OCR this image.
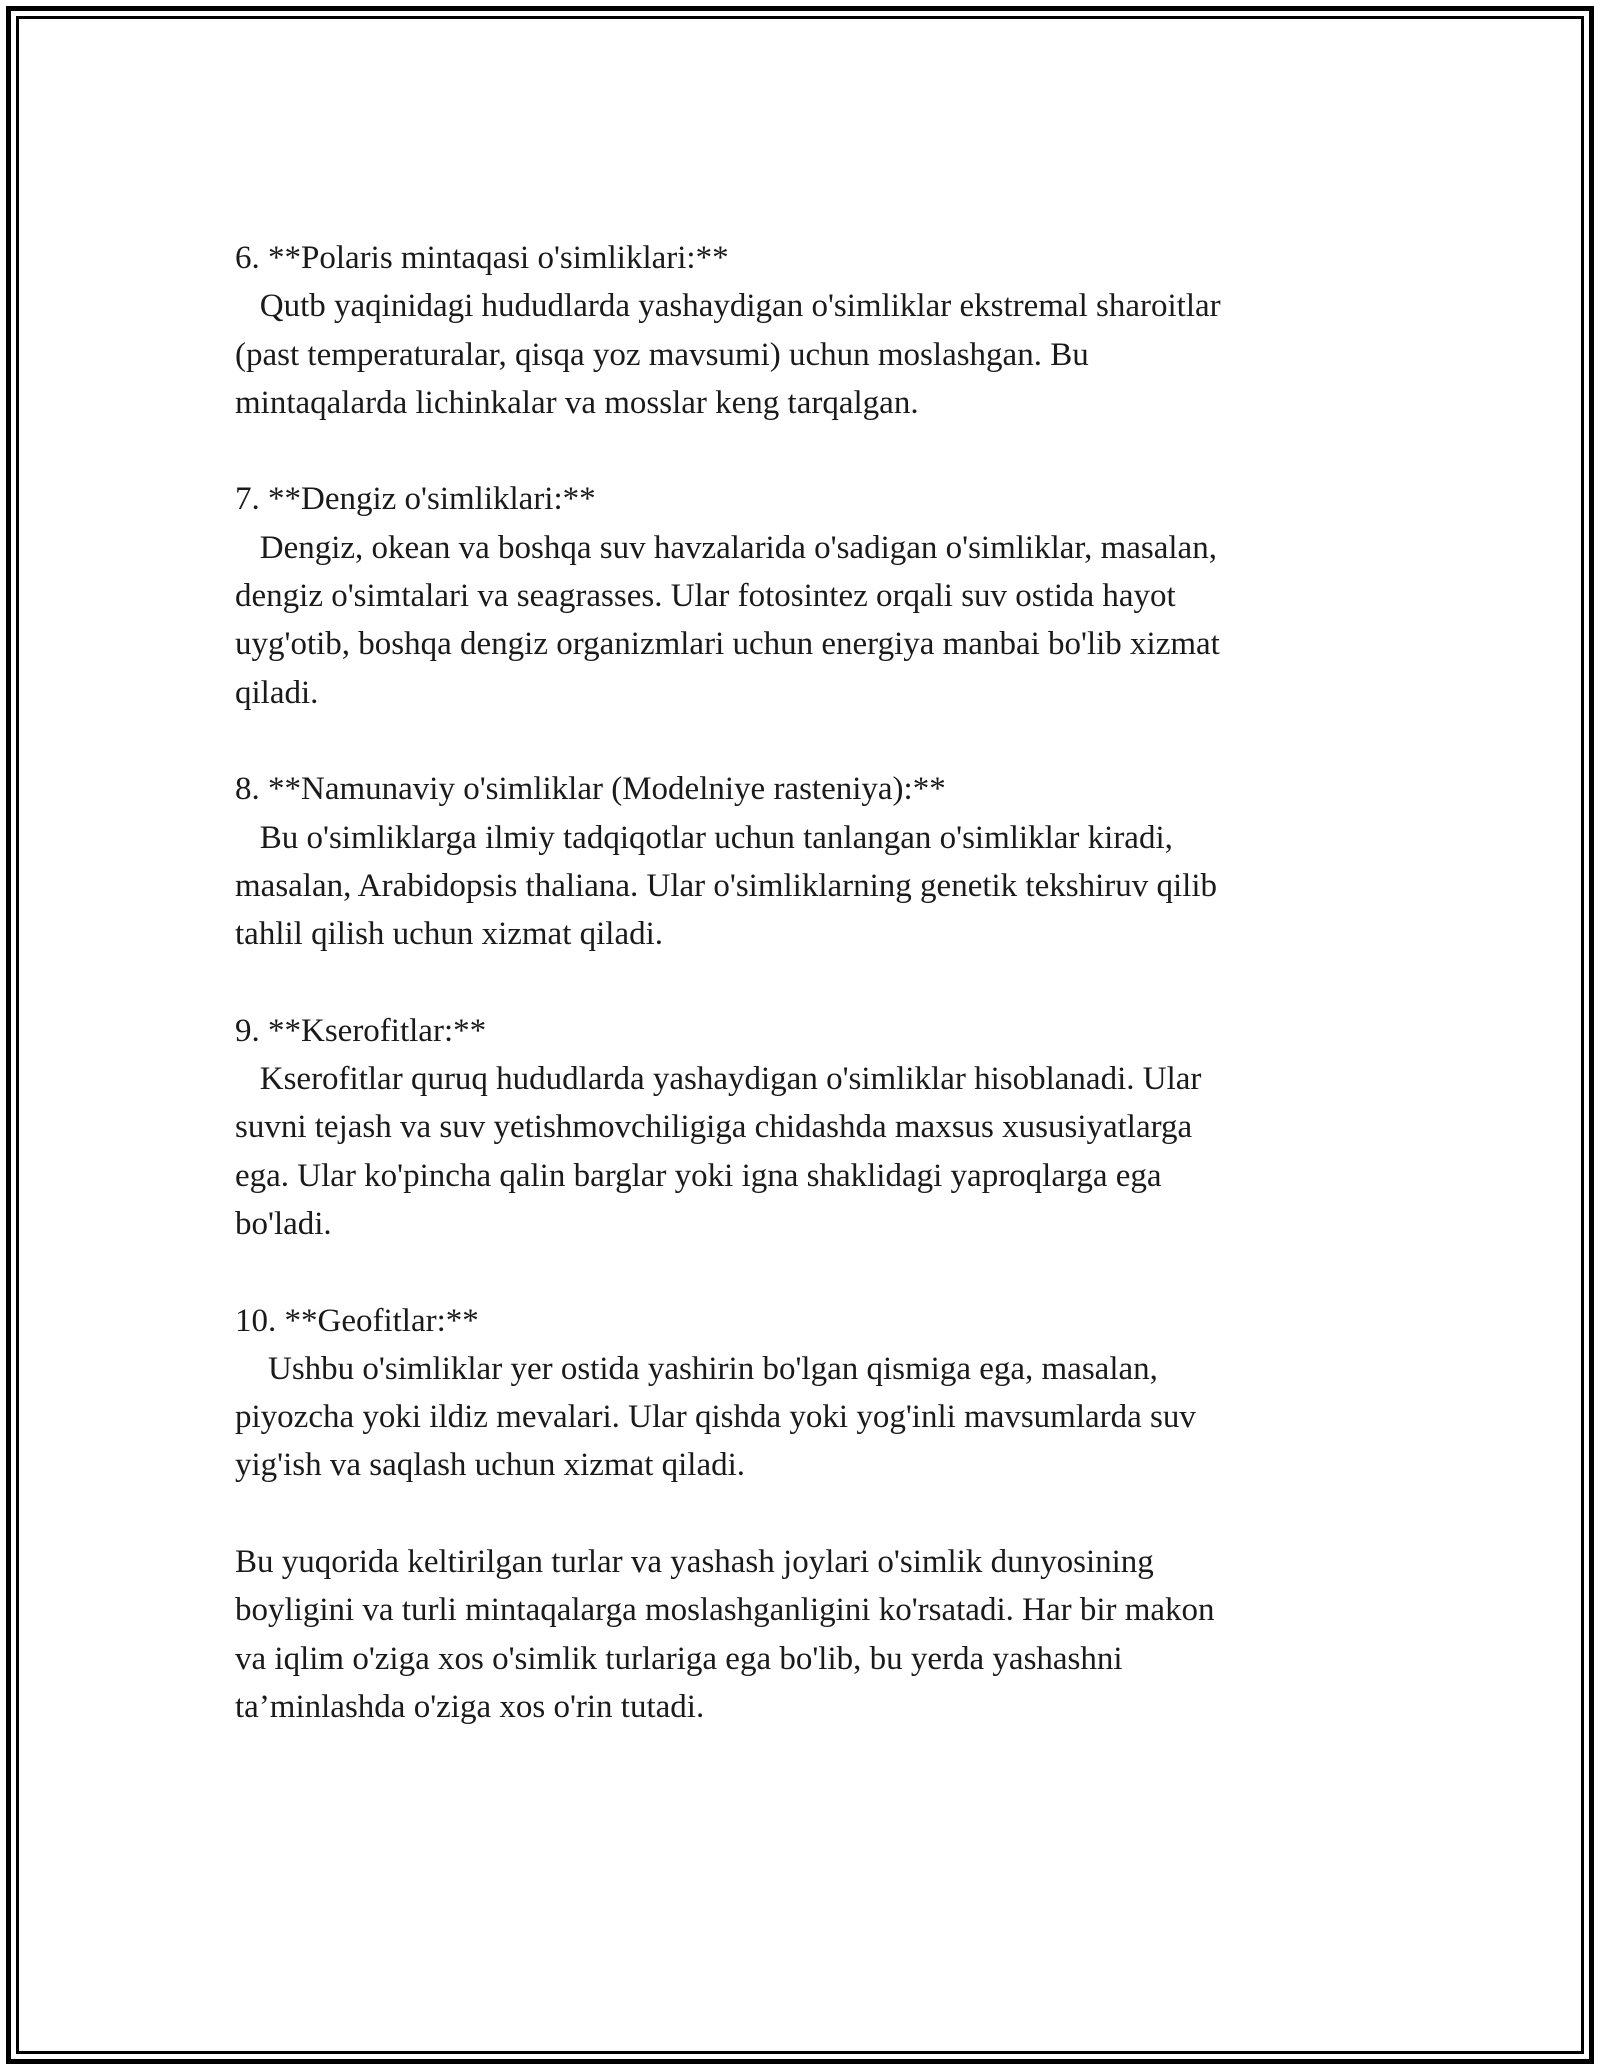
6. **Polaris mintaqasi o'simliklari:**
Qutb yaqinidagi hududlarda yashaydigan o'simliklar ekstremal sharoitlar
(past temperaturalar, qisqa yoz mavsumi) uchun moslashgan. Bu
mintaqalarda lichinkalar va mosslar keng tarqalgan.
7. **Dengiz o'simliklari:**
Dengiz, okean va boshqa suv havzalarida o'sadigan o'simliklar, masalan,
dengiz o'simtalari va seagrasses. Ular fotosintez orqali suv ostida hayot
uyg'otib, boshqa dengiz organizmlari uchun energiya manbai bo'lib xizmat
qiladi.
8. **Namunaviy o'simliklar (Modelniye rasteniya):**
Bu o'simliklarga ilmiy tadqiqotlar uchun tanlangan o'simliklar kiradi,
masalan, Arabidopsis thaliana. Ular o'simliklarning genetik tekshiruv qilib
tahlil qilish uchun xizmat qiladi.
9. **Kserofitlar:**
Kserofitlar quruq hududlarda yashaydigan o'simliklar hisoblanadi. Ular
suvni tejash va suv yetishmovchiligiga chidashda maxsus xususiyatlarga
ega. Ular ko'pincha qalin barglar yoki igna shaklidagi yaproqlarga ega
bo'ladi.
10. **Geofitlar:**
Ushbu o'simliklar yer ostida yashirin bo'lgan qismiga ega, masalan,
piyozcha yoki ildiz mevalari. Ular qishda yoki yog'inli mavsumlarda suv
yig'ish va saqlash uchun xizmat qiladi.
Bu yuqorida keltirilgan turlar va yashash joylari o'simlik dunyosining
boyligini va turli mintaqalarga moslashganligini ko'rsatadi. Har bir makon
va iqlim o'ziga xos o'simlik turlariga ega bo'lib, bu yerda yashashni
ta’minlashda o'ziga xos o'rin tutadi.
